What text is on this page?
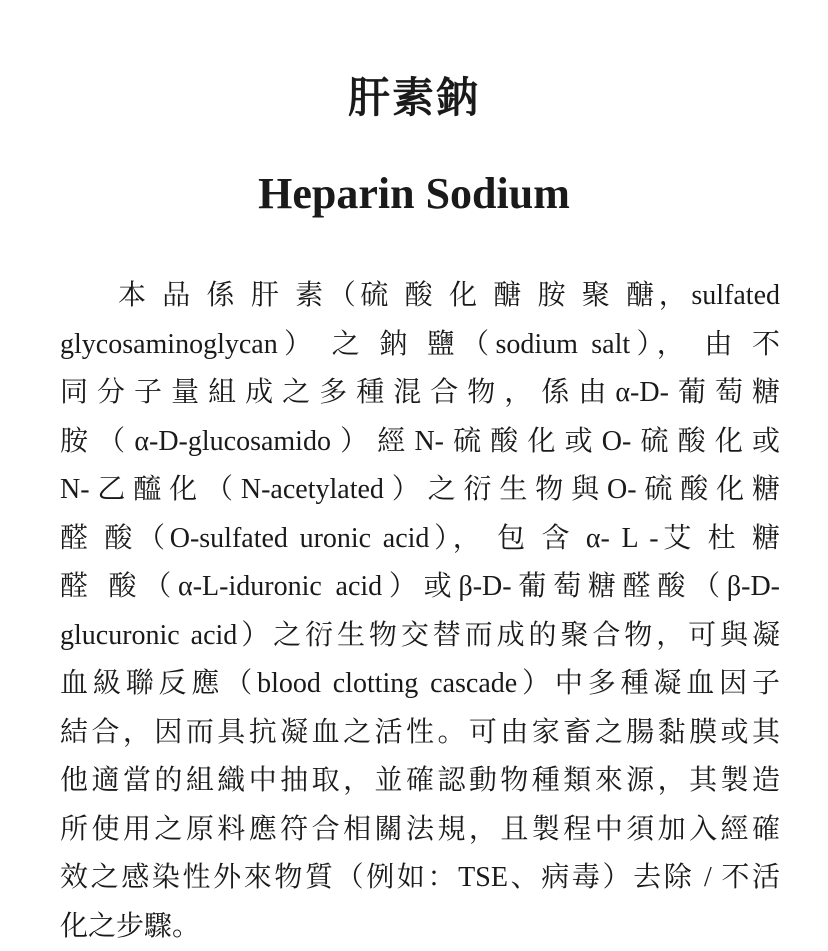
肝素鈉
Heparin Sodium
本 品 係 肝 素（硫 酸 化 醣 胺 聚 醣，sulfated
glycosaminoglycan） 之 鈉 鹽（sodium salt）， 由 不
同分子量組成之多種混合物，係由α-D-葡萄糖
胺（α-D-glucosamido）經N-硫酸化或O-硫酸化或
N-乙醯化（N-acetylated）之衍生物與O-硫酸化糖
醛 酸（O-sulfated uronic acid）， 包 含 α- L -艾 杜 糖
醛 酸（α-L-iduronic acid）或β-D-葡萄糖醛酸（β-D-
glucuronic acid）之衍生物交替而成的聚合物，可與凝
血級聯反應（blood clotting cascade）中多種凝血因子
結合，因而具抗凝血之活性。可由家畜之腸黏膜或其
他適當的組織中抽取，並確認動物種類來源，其製造
所使用之原料應符合相關法規，且製程中須加入經確
效之感染性外來物質（例如：TSE、病毒）去除 / 不活
化之步驟。
